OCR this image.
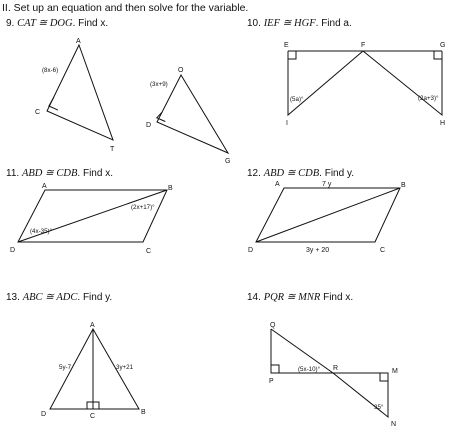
II. Set up an equation and then solve for the variable.
9. CAT ≅ DOG. Find x.	10. IEF ≅ HGF. Find a.
11. ABD ≅ CDB. Find x.	12. ABD ≅ CDB. Find y.
13. ABC ≅ ADC. Find y.	14. PQR ≅ MNR Find x.
A
C
T
O
D
G
(8x-6)
(3x+9)
E	F	G
I	H
(5a)°	(2a+3)°
A	B
C
D
(2x+17)°
(4x-35)°
A	B
C
D
7 y
3y + 20
A
B
C
D
5y-7	3y+21
Q
P
R	M
N
(5x-10)°
35°
